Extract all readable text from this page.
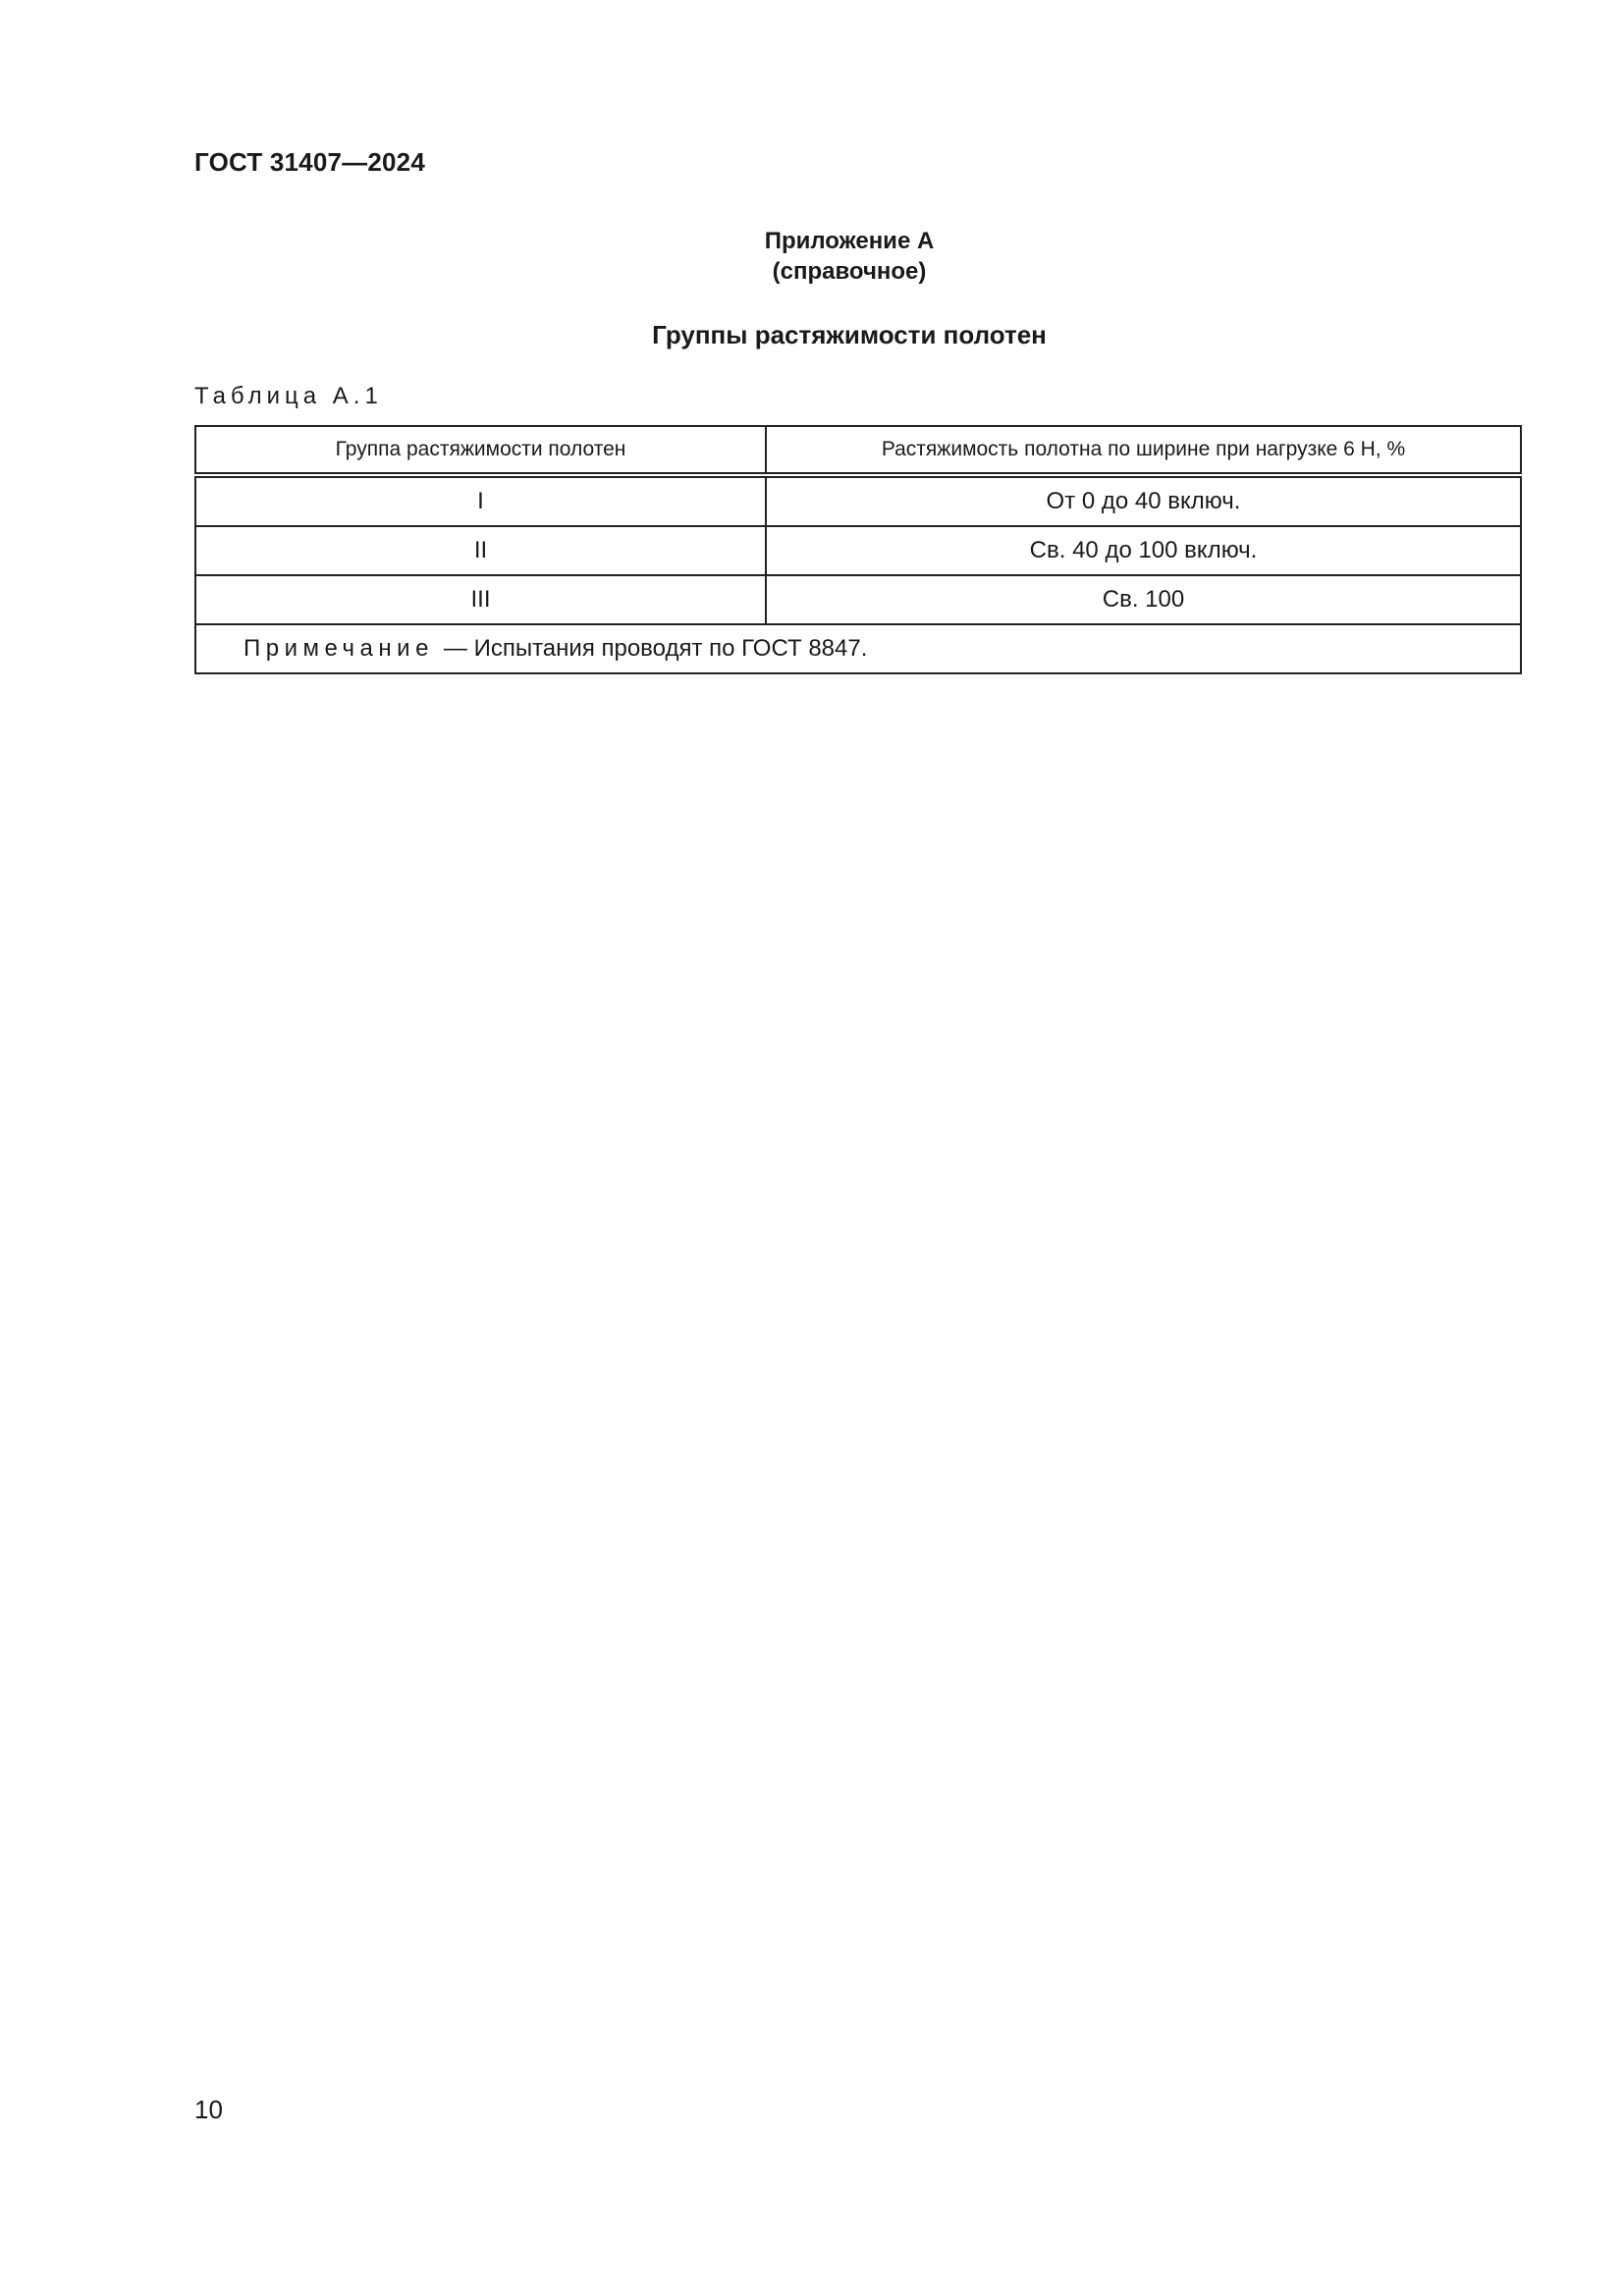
ГОСТ 31407—2024
Приложение А
(справочное)
Группы растяжимости полотен
Таблица А.1
Группа растяжимости полотен	Растяжимость полотна по ширине при нагрузке 6 Н, %
I	От 0 до 40 включ.
II	Св. 40 до 100 включ.
III	Св. 100
Примечание — Испытания проводят по ГОСТ 8847.	
10
